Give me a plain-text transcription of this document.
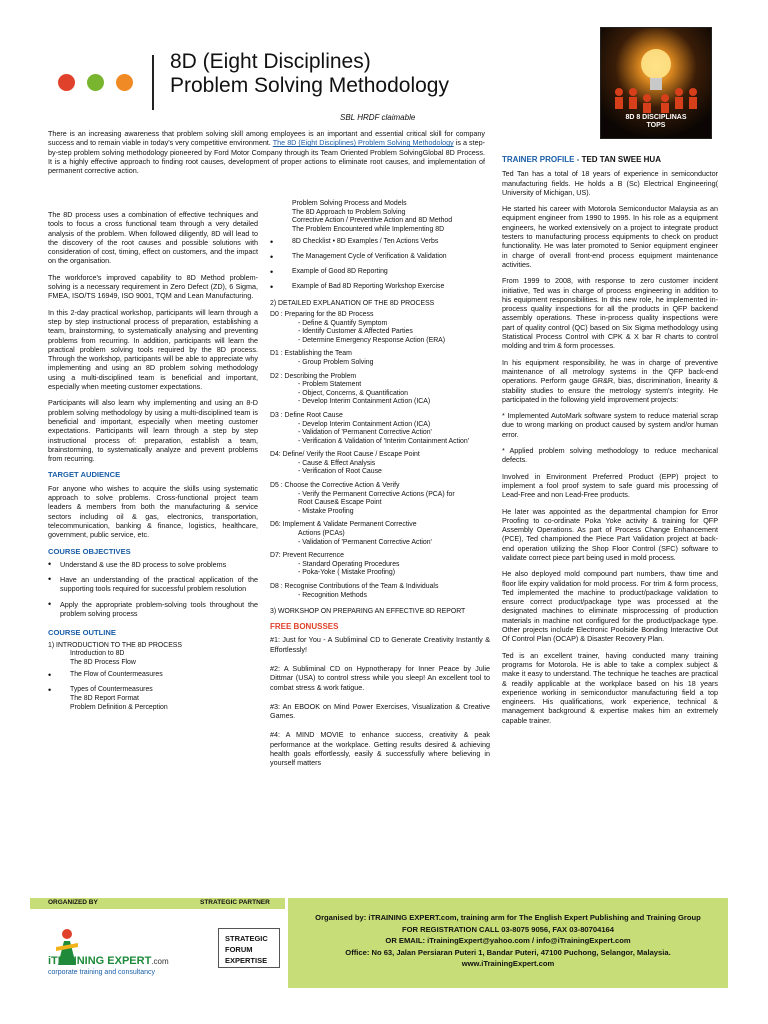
8D (Eight Disciplines)
Problem Solving Methodology
SBL HRDF claimable	8D 8 DISCIPLINAS
TOPS
There is an increasing awareness that problem solving skill among employees is an important and essential critical skill for company success and to remain viable in today's very competitive environment. The 8D (Eight Disciplines) Problem Solving Methodology is a step-by-step problem solving methodology pioneered by Ford Motor Company through its Team Oriented Problem SolvingGlobal 8D Process. It is a highly effective approach to finding root causes, development of proper actions to eliminate root causes, and implementation of permanent corrective action.

The 8D process uses a combination of effective techniques and tools to focus a cross functional team through a very detailed analysis of the problem. When followed diligently, 8D will lead to the discovery of the root causes and possible solutions with consideration of cost, timing, effect on customers, and the impact on the organisation.

The workforce's improved capability to 8D Method problem-solving is a necessary requirement in Zero Defect (ZD), 6 Sigma, FMEA, ISO/TS 16949, ISO 9001, TQM and Lean Manufacturing.

In this 2-day practical workshop, participants will learn through a step by step instructional process of preparation, establishing a team, brainstorming, to systematically analysing and preventing problems from recurring. In addition, participants will learn the practical problem solving tools required by the 8D process. Through the workshop, participants will be able to appreciate why implementing and using an 8D problem solving methodology using a multi-disciplined team is beneficial and important, especially when meeting customer expectations.

Participants will also learn why implementing and using an 8-D problem solving methodology by using a multi-disciplined team is beneficial and important, especially when meeting customer expectations. Participants will learn through a step by step instructional process of: preparation, establish a team, brainstorming, to systematically analyze and prevent problems from recurring.

TARGET AUDIENCE

For anyone who wishes to acquire the skills using systematic approach to solve problems. Cross-functional project team leaders & members from both the manufacturing & service sectors including oil & gas, electronics, transportation, telecommunication, banking & finance, logistics, healthcare, government, public service, etc.

COURSE OBJECTIVES
•	Understand & use the 8D process to solve problems
•	Have an understanding of the practical application of the supporting tools required for successful problem resolution
•	Apply the appropriate problem-solving tools throughout the problem solving process
COURSE OUTLINE
1) INTRODUCTION TO THE 8D PROCESS
Introduction to 8D
The 8D Process Flow
•	The Flow of Countermeasures
•	Types of Countermeasures
The 8D Report Format
Problem Definition & Perception
Problem Solving Process and Models
The 8D Approach to Problem Solving
Corrective Action / Preventive Action and 8D Method
The Problem Encountered while Implementing 8D
•	8D Checklist • 8D Examples / Ten Actions Verbs
•	The Management Cycle of Verification & Validation
•	Example of Good 8D Reporting
•	Example of Bad 8D Reporting Workshop Exercise
2) DETAILED EXPLANATION OF THE 8D PROCESS
D0 : Preparing for the 8D Process
- Define & Quantify Symptom
- Identify Customer & Affected Parties
- Determine Emergency Response Action (ERA)
D1 : Establishing the Team
- Group Problem Solving
D2 : Describing the Problem
- Problem Statement
- Object, Concerns, & Quantification
- Develop Interim Containment Action (ICA)
D3 : Define Root Cause
- Develop Interim Containment Action (ICA)
- Validation of 'Permanent Corrective Action'
- Verification & Validation of 'Interim Containment Action'
D4: Define/ Verify the Root Cause / Escape Point
- Cause & Effect Analysis
- Verification of Root Cause
D5 : Choose the Corrective Action & Verify
- Verify the Permanent Corrective Actions (PCA) for
Root Cause& Escape Point
- Mistake Proofing
D6: Implement & Validate Permanent Corrective
Actions (PCAs)
- Validation of 'Permanent Corrective Action'
D7: Prevent Recurrence
- Standard Operating Procedures
- Poka-Yoke ( Mistake Proofing)
D8 : Recognise Contributions of the Team & Individuals
- Recognition Methods
3) WORKSHOP ON PREPARING AN EFFECTIVE 8D REPORT
FREE BONUSSES
#1: Just for You - A Subliminal CD to Generate Creativity Instantly & Effortlessly!
#2: A Subliminal CD on Hypnotherapy for Inner Peace by Julie Dittmar (USA) to control stress while you sleep! An excellent tool to combat stress & work fatigue.
#3: An EBOOK on Mind Power Exercises, Visualization & Creative Games.
#4: A MIND MOVIE to enhance success, creativity & peak performance at the workplace. Getting results desired & achieving health goals effortlessly, easily & successfully where believing in yourself matters
TRAINER PROFILE - TED TAN SWEE HUA

Ted Tan has a total of 18 years of experience in semiconductor manufacturing fields. He holds a B (Sc) Electrical Engineering( University of Michigan, US).

He started his career with Motorola Semiconductor Malaysia as an equipment engineer from 1990 to 1995. In his role as a equipment engineers, he worked extensively on a project to integrate product testers to manufacturing process equipments to check on product functionality. He was later promoted to Senior equipment engineer in charge of overall front-end process equipment maintenance activities.

From 1999 to 2008, with response to zero customer incident initiative, Ted was in charge of process engineering in addition to his equipment responsibilities. In this new role, he implemented in-process quality inspections for all the products in QFP backend assembly operations. These in-process quality inspections were part of quality control (QC) based on Six Sigma methodology using Statistical Process Control with CPK & X bar R charts to control molding and trim & form processes.

In his equipment responsibility, he was in charge of preventive maintenance of all metrology systems in the QFP back-end operations. Perform gauge GR&R, bias, discrimination, linearity & stability studies to ensure the metrology system's integrity. He participated in the following yield improvement projects:

* Implemented AutoMark software system to reduce material scrap due to wrong marking on product caused by system and/or human error.

* Applied problem solving methodology to reduce mechanical defects.

Involved in Environment Preferred Product (EPP) project to implement a fool proof system to safe guard mis processing of Lead-Free and non Lead-Free products.

He later was appointed as the departmental champion for Error Proofing to co-ordinate Poka Yoke activity & training for QFP Assembly Operations. As part of Process Change Enhancement (PCE), Ted championed the Piece Part Validation project at back-end operation utilizing the Shop Floor Control (SFC) software to validate correct piece part being used in mold process.

He also deployed mold compound part numbers, thaw time and floor life expiry validation for mold process. For trim & form process, Ted implemented the machine to product/package validation to ensure correct product/package type was processed at the designated machines to eliminate misprocessing of production materials in machine not configured for the product/package type. Other projects include Electronic Poolside Bonding Interactive Out Of Control Plan (OCAP) & Disaster Recovery Plan.

Ted is an excellent trainer, having conducted many training programs for Motorola. He is able to take a complex subject & make it easy to understand. The technique he teaches are practical & readily applicable at the workplace based on his 18 years experience working in semiconductor manufacturing field a top engineers. His qualifications, work experience, technical & management background & expertise makes him an extremely capable trainer.

ORGANIZED BY	STRATEGIC PARTNER
iTRAINING EXPERT.com
corporate training and consultancy
STRATEGIC
FORUM
EXPERTISE
Organised by: iTRAINING EXPERT.com, training arm for The English Expert Publishing and Training Group
FOR REGISTRATION CALL 03-8075 9056, FAX 03-80704164
OR EMAIL: iTrainingExpert@yahoo.com / info@iTrainingExpert.com
Office: No 63, Jalan Persiaran Puteri 1, Bandar Puteri, 47100 Puchong, Selangor, Malaysia.
www.iTrainingExpert.com
